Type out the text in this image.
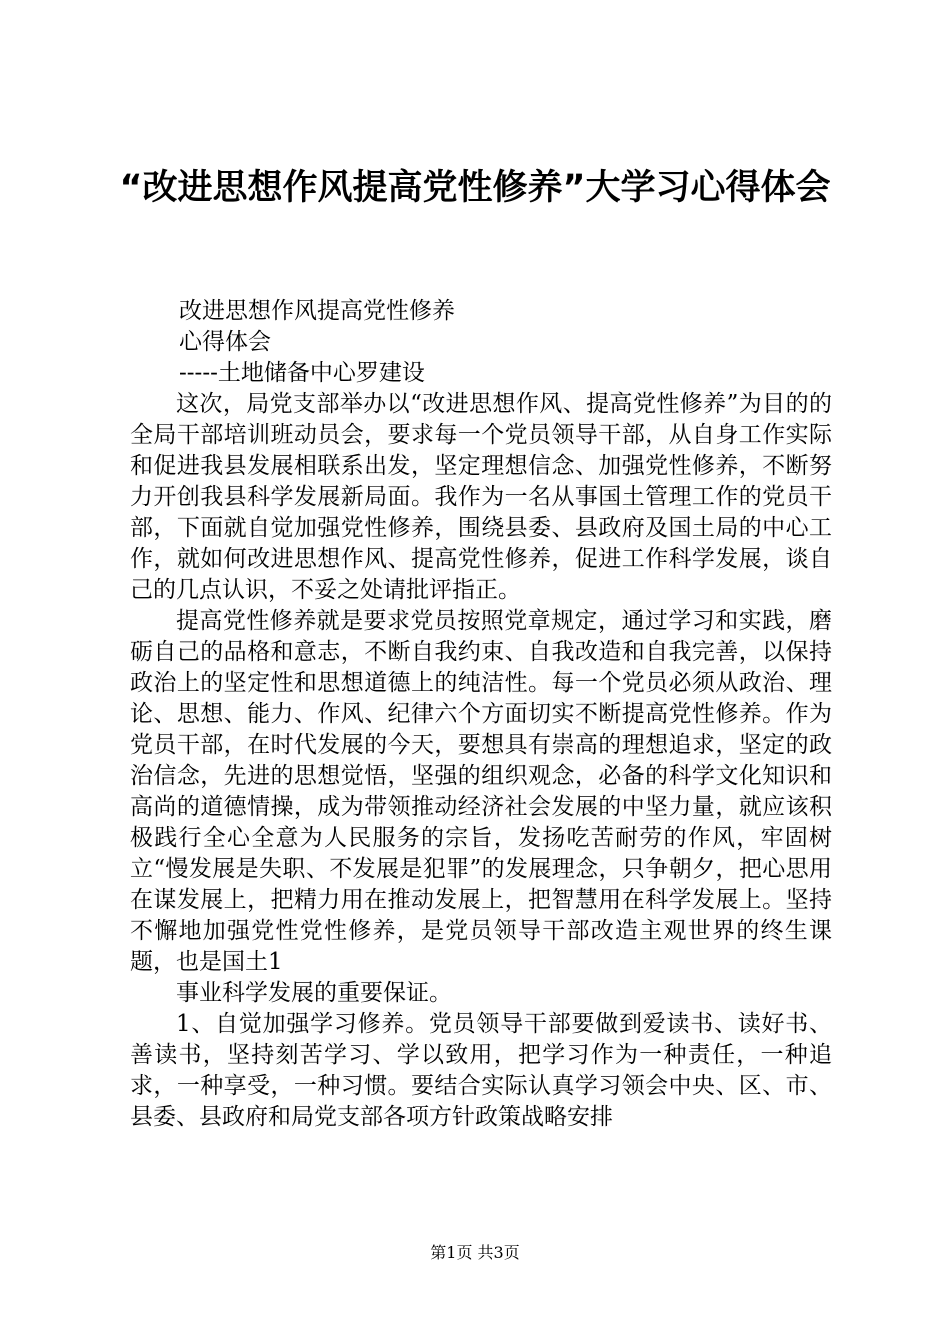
“改进思想作风提高党性修养”大学习心得体会

改进思想作风提高党性修养

心得体会

-----土地储备中心罗建设

这次，局党支部举办以“改进思想作风、提高党性修养”为目的的全局干部培训班动员会，要求每一个党员领导干部，从自身工作实际和促进我县发展相联系出发，坚定理想信念、加强党性修养，不断努力开创我县科学发展新局面。我作为一名从事国土管理工作的党员干部，下面就自觉加强党性修养，围绕县委、县政府及国土局的中心工作，就如何改进思想作风、提高党性修养，促进工作科学发展，谈自己的几点认识，不妥之处请批评指正。

提高党性修养就是要求党员按照党章规定，通过学习和实践，磨砺自己的品格和意志，不断自我约束、自我改造和自我完善，以保持政治上的坚定性和思想道德上的纯洁性。每一个党员必须从政治、理论、思想、能力、作风、纪律六个方面切实不断提高党性修养。作为党员干部，在时代发展的今天，要想具有崇高的理想追求，坚定的政治信念，先进的思想觉悟，坚强的组织观念，必备的科学文化知识和高尚的道德情操，成为带领推动经济社会发展的中坚力量，就应该积极践行全心全意为人民服务的宗旨，发扬吃苦耐劳的作风，牢固树立“慢发展是失职、不发展是犯罪”的发展理念，只争朝夕，把心思用在谋发展上，把精力用在推动发展上，把智慧用在科学发展上。坚持不懈地加强党性党性修养，是党员领导干部改造主观世界的终生课题，也是国土1

事业科学发展的重要保证。

1、自觉加强学习修养。党员领导干部要做到爱读书、读好书、善读书，坚持刻苦学习、学以致用，把学习作为一种责任，一种追求，一种享受，一种习惯。要结合实际认真学习领会中央、区、市、县委、县政府和局党支部各项方针政策战略安排

第1页 共3页
